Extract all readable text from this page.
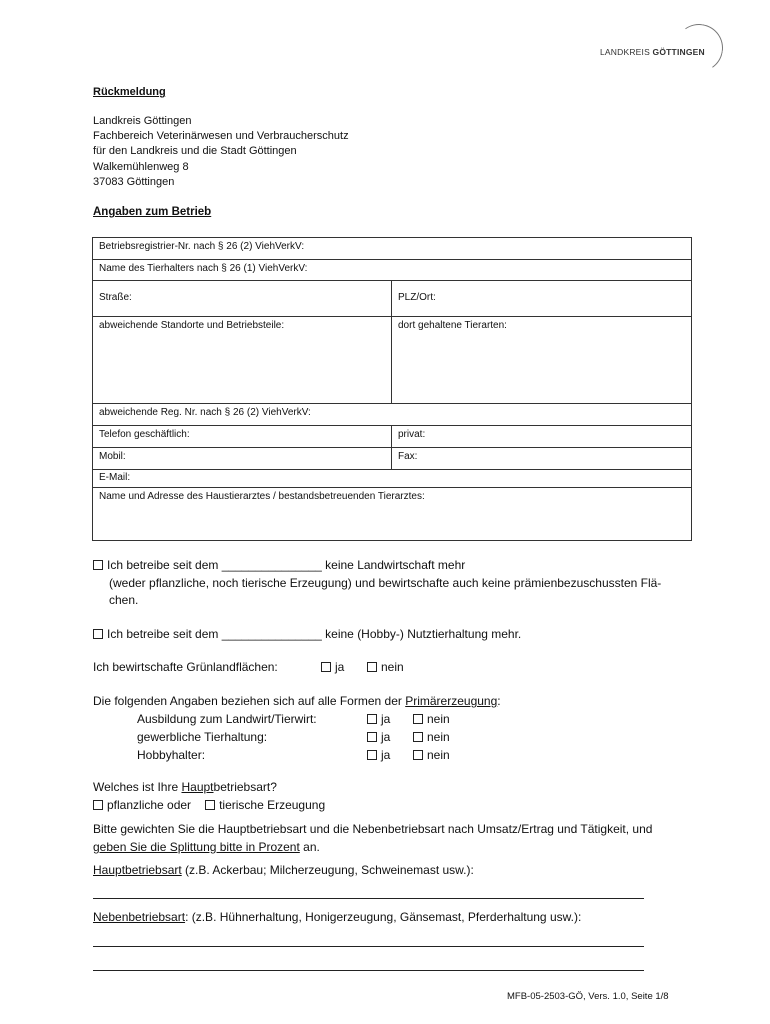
LANDKREIS GÖTTINGEN
Rückmeldung
Landkreis Göttingen
Fachbereich Veterinärwesen und Verbraucherschutz
für den Landkreis und die Stadt Göttingen
Walkemühlenweg 8
37083 Göttingen
Angaben zum Betrieb
Betriebsregistrier-Nr. nach § 26 (2) ViehVerkV:
Name des Tierhalters nach § 26 (1) ViehVerkV:
Straße:	PLZ/Ort:
abweichende Standorte und Betriebsteile:	dort gehaltene Tierarten:
abweichende Reg. Nr. nach § 26 (2) ViehVerkV:
Telefon geschäftlich:	privat:
Mobil:	Fax:
E-Mail:
Name und Adresse des Haustierarztes / bestandsbetreuenden Tierarztes:
Ich betreibe seit dem _______________ keine Landwirtschaft mehr
(weder pflanzliche, noch tierische Erzeugung) und bewirtschafte auch keine prämienbezuschussten Flä-
chen.
Ich betreibe seit dem _______________ keine (Hobby-) Nutztierhaltung mehr.
Ich bewirtschafte Grünlandflächen:	ja	nein
Die folgenden Angaben beziehen sich auf alle Formen der Primärerzeugung:
Ausbildung zum Landwirt/Tierwirt:	ja	nein
gewerbliche Tierhaltung:	ja	nein
Hobbyhalter:	ja	nein
Welches ist Ihre Hauptbetriebsart?
pflanzliche oder tierische Erzeugung
Bitte gewichten Sie die Hauptbetriebsart und die Nebenbetriebsart nach Umsatz/Ertrag und Tätigkeit, und
geben Sie die Splittung bitte in Prozent an.
Hauptbetriebsart (z.B. Ackerbau; Milcherzeugung, Schweinemast usw.):
Nebenbetriebsart: (z.B. Hühnerhaltung, Honigerzeugung, Gänsemast, Pferderhaltung usw.):
MFB-05-2503-GÖ, Vers. 1.0, Seite 1/8
